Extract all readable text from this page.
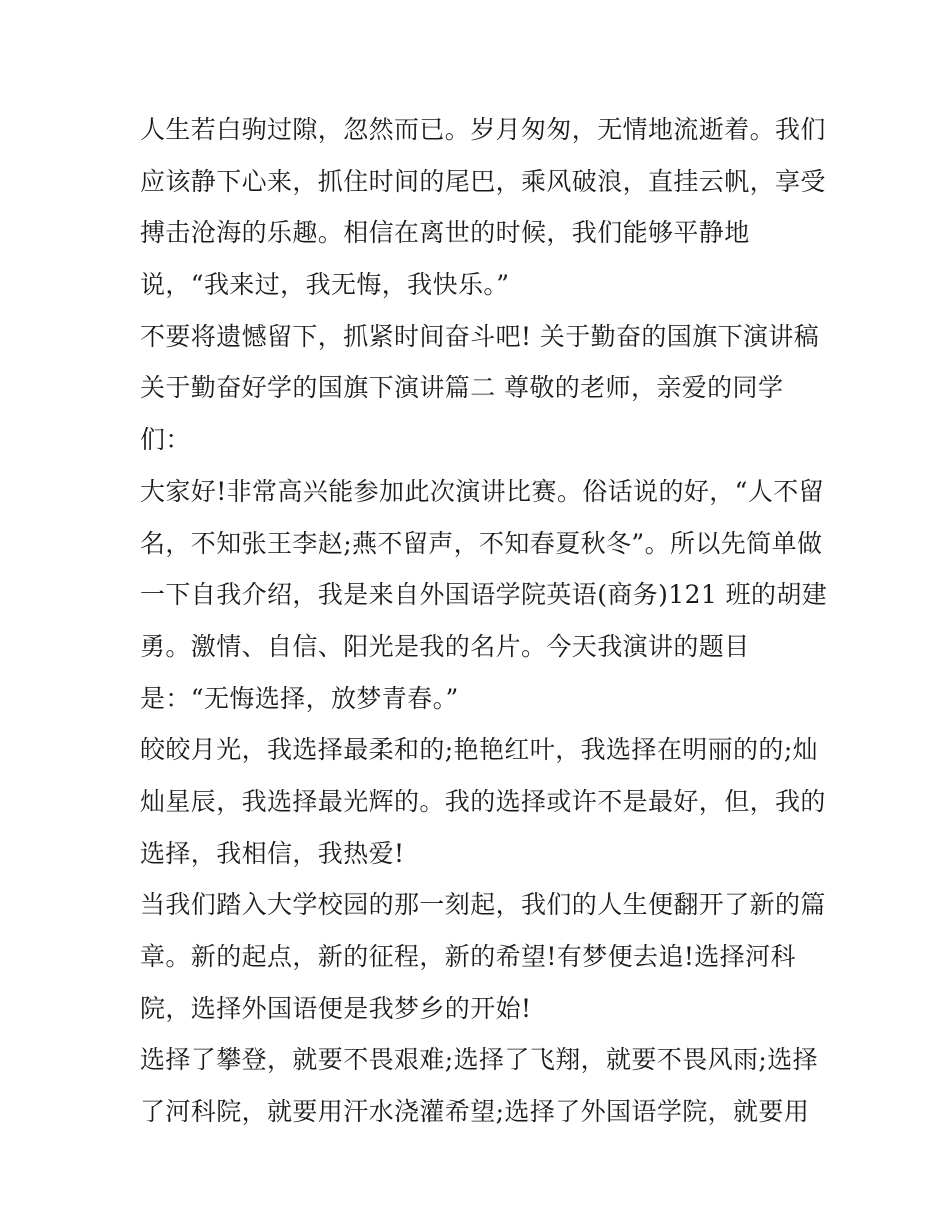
人生若白驹过隙，忽然而已。岁月匆匆，无情地流逝着。我们
应该静下心来，抓住时间的尾巴，乘风破浪，直挂云帆，享受
搏击沧海的乐趣。相信在离世的时候，我们能够平静地
说，“我来过，我无悔，我快乐。”
不要将遗憾留下，抓紧时间奋斗吧! 关于勤奋的国旗下演讲稿
关于勤奋好学的国旗下演讲篇二 尊敬的老师，亲爱的同学
们：
大家好!非常高兴能参加此次演讲比赛。俗话说的好，“人不留
名，不知张王李赵;燕不留声，不知春夏秋冬”。所以先简单做
一下自我介绍，我是来自外国语学院英语(商务)121 班的胡建
勇。激情、自信、阳光是我的名片。今天我演讲的题目
是：“无悔选择，放梦青春。”
皎皎月光，我选择最柔和的;艳艳红叶，我选择在明丽的的;灿
灿星辰，我选择最光辉的。我的选择或许不是最好，但，我的
选择，我相信，我热爱!
当我们踏入大学校园的那一刻起，我们的人生便翻开了新的篇
章。新的起点，新的征程，新的希望!有梦便去追!选择河科
院，选择外国语便是我梦乡的开始!
选择了攀登，就要不畏艰难;选择了飞翔，就要不畏风雨;选择
了河科院，就要用汗水浇灌希望;选择了外国语学院，就要用
